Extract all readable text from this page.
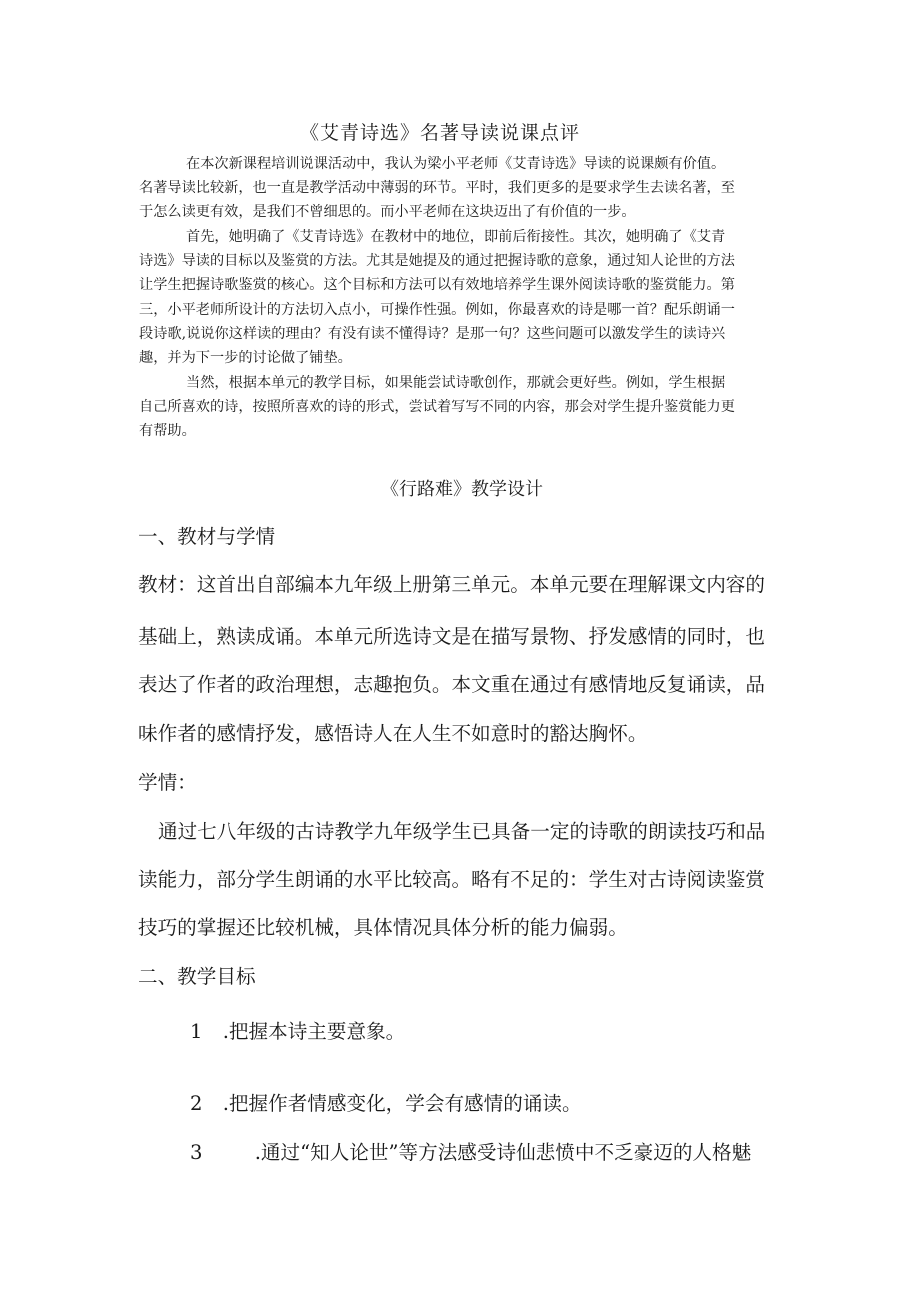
《艾青诗选》名著导读说课点评
在本次新课程培训说课活动中，我认为梁小平老师《艾青诗选》导读的说课颇有价值。
名著导读比较新，也一直是教学活动中薄弱的环节。平时，我们更多的是要求学生去读名著，至
于怎么读更有效，是我们不曾细思的。而小平老师在这块迈出了有价值的一步。
首先，她明确了《艾青诗选》在教材中的地位，即前后衔接性。其次，她明确了《艾青
诗选》导读的目标以及鉴赏的方法。尤其是她提及的通过把握诗歌的意象，通过知人论世的方法
让学生把握诗歌鉴赏的核心。这个目标和方法可以有效地培养学生课外阅读诗歌的鉴赏能力。第
三，小平老师所设计的方法切入点小，可操作性强。例如，你最喜欢的诗是哪一首？配乐朗诵一
段诗歌,说说你这样读的理由？有没有读不懂得诗？是那一句？这些问题可以激发学生的读诗兴
趣，并为下一步的讨论做了铺垫。
当然，根据本单元的教学目标，如果能尝试诗歌创作，那就会更好些。例如，学生根据
自己所喜欢的诗，按照所喜欢的诗的形式，尝试着写写不同的内容，那会对学生提升鉴赏能力更
有帮助。
《行路难》教学设计
一、教材与学情
教材：这首出自部编本九年级上册第三单元。本单元要在理解课文内容的
基础上，熟读成诵。本单元所选诗文是在描写景物、抒发感情的同时，也
表达了作者的政治理想，志趣抱负。本文重在通过有感情地反复诵读，品
味作者的感情抒发，感悟诗人在人生不如意时的豁达胸怀。
学情：
通过七八年级的古诗教学九年级学生已具备一定的诗歌的朗读技巧和品
读能力，部分学生朗诵的水平比较高。略有不足的：学生对古诗阅读鉴赏
技巧的掌握还比较机械，具体情况具体分析的能力偏弱。
二、教学目标
1 .把握本诗主要意象。
2 .把握作者情感变化，学会有感情的诵读。
3	.通过“知人论世”等方法感受诗仙悲愤中不乏豪迈的人格魅
